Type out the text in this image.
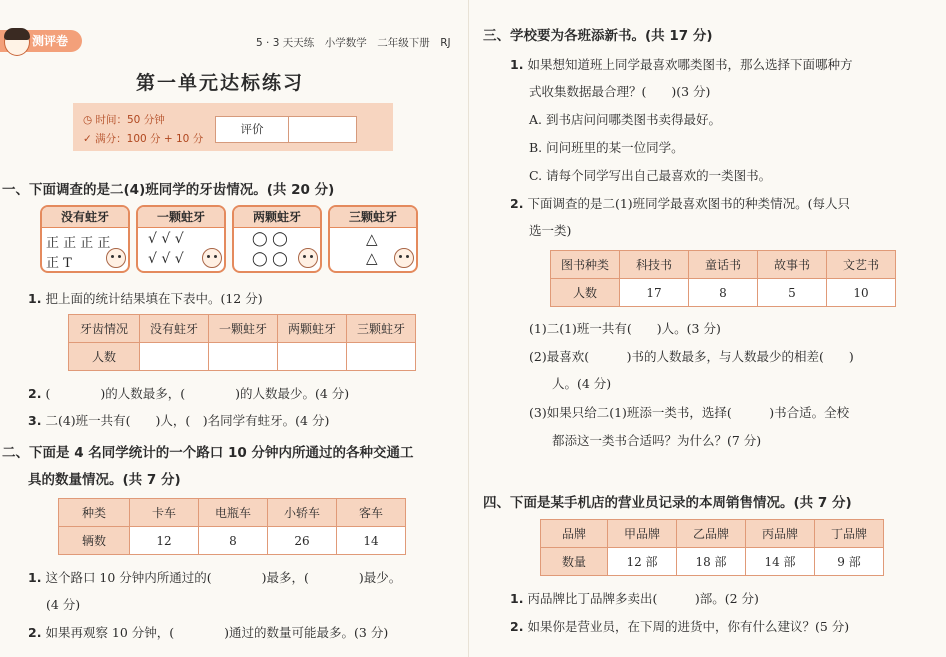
测评卷	5 · 3 天天练　小学数学　二年级下册　RJ
第一单元达标练习
◷ 时间：50 分钟
✓ 满分：100 分 + 10 分
评价
一、下面调查的是二(4)班同学的牙齿情况。(共 20 分)
没有蛀牙
正 正 正 正
正 T
一颗蛀牙
√ √ √
√ √ √
两颗蛀牙
◯ ◯
◯ ◯
三颗蛀牙
△
△
1. 把上面的统计结果填在下表中。(12 分)
牙齿情况	没有蛀牙	一颗蛀牙	两颗蛀牙	三颗蛀牙
人数				
2. (　　　　)的人数最多，(　　　　)的人数最少。(4 分)
3. 二(4)班一共有(　　)人，(　)名同学有蛀牙。(4 分)
二、下面是 4 名同学统计的一个路口 10 分钟内所通过的各种交通工
具的数量情况。(共 7 分)
种类	卡车	电瓶车	小轿车	客车
辆数	12	8	26	14
1. 这个路口 10 分钟内所通过的(　　　　)最多，(　　　　)最少。
(4 分)
2. 如果再观察 10 分钟，(　　　　)通过的数量可能最多。(3 分)
三、学校要为各班添新书。(共 17 分)
1. 如果想知道班上同学最喜欢哪类图书，那么选择下面哪种方
式收集数据最合理？(　　)(3 分)
A. 到书店问问哪类图书卖得最好。
B. 问问班里的某一位同学。
C. 请每个同学写出自己最喜欢的一类图书。
2. 下面调查的是二(1)班同学最喜欢图书的种类情况。(每人只
选一类)
图书种类	科技书	童话书	故事书	文艺书
人数	17	8	5	10
(1)二(1)班一共有(　　)人。(3 分)
(2)最喜欢(　　　)书的人数最多，与人数最少的相差(　　)
人。(4 分)
(3)如果只给二(1)班添一类书，选择(　　　)书合适。全校
都添这一类书合适吗？为什么？(7 分)
四、下面是某手机店的营业员记录的本周销售情况。(共 7 分)
品牌	甲品牌	乙品牌	丙品牌	丁品牌
数量	12 部	18 部	14 部	9 部
1. 丙品牌比丁品牌多卖出(　　　)部。(2 分)
2. 如果你是营业员，在下周的进货中，你有什么建议？(5 分)
